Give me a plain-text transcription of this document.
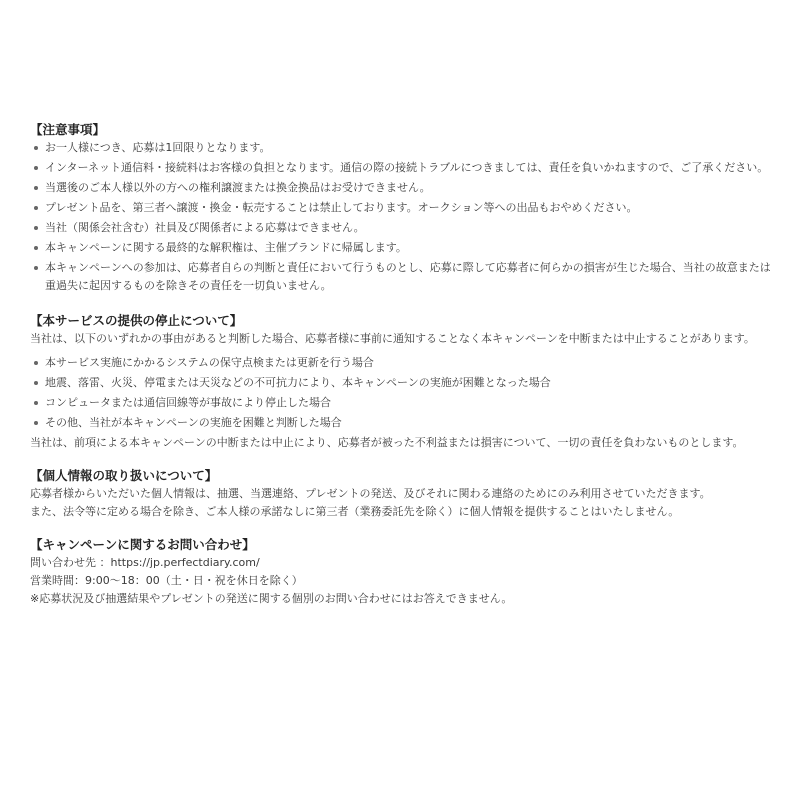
【注意事項】
お一人様につき、応募は1回限りとなります。
インターネット通信料・接続料はお客様の負担となります。通信の際の接続トラブルにつきましては、責任を負いかねますので、ご了承ください。
当選後のご本人様以外の方への権利譲渡または換金換品はお受けできません。
プレゼント品を、第三者へ譲渡・換金・転売することは禁止しております。オークション等への出品もおやめください。
当社（関係会社含む）社員及び関係者による応募はできません。
本キャンペーンに関する最終的な解釈権は、主催ブランドに帰属します。
本キャンペーンへの参加は、応募者自らの判断と責任において行うものとし、応募に際して応募者に何らかの損害が生じた場合、当社の故意または重過失に起因するものを除きその責任を一切負いません。
【本サービスの提供の停止について】

当社は、以下のいずれかの事由があると判断した場合、応募者様に事前に通知することなく本キャンペーンを中断または中止することがあります。

本サービス実施にかかるシステムの保守点検または更新を行う場合
地震、落雷、火災、停電または天災などの不可抗力により、本キャンペーンの実施が困難となった場合
コンピュータまたは通信回線等が事故により停止した場合
その他、当社が本キャンペーンの実施を困難と判断した場合

当社は、前項による本キャンペーンの中断または中止により、応募者が被った不利益または損害について、一切の責任を負わないものとします。

【個人情報の取り扱いについて】

応募者様からいただいた個人情報は、抽選、当選連絡、プレゼントの発送、及びそれに関わる連絡のためにのみ利用させていただきます。

また、法令等に定める場合を除き、ご本人様の承諾なしに第三者（業務委託先を除く）に個人情報を提供することはいたしません。

【キャンペーンに関するお問い合わせ】

問い合わせ先 ：https://jp.perfectdiary.com/

営業時間：9:00〜18：00（土・日・祝を休日を除く）

※応募状況及び抽選結果やプレゼントの発送に関する個別のお問い合わせにはお答えできません。
